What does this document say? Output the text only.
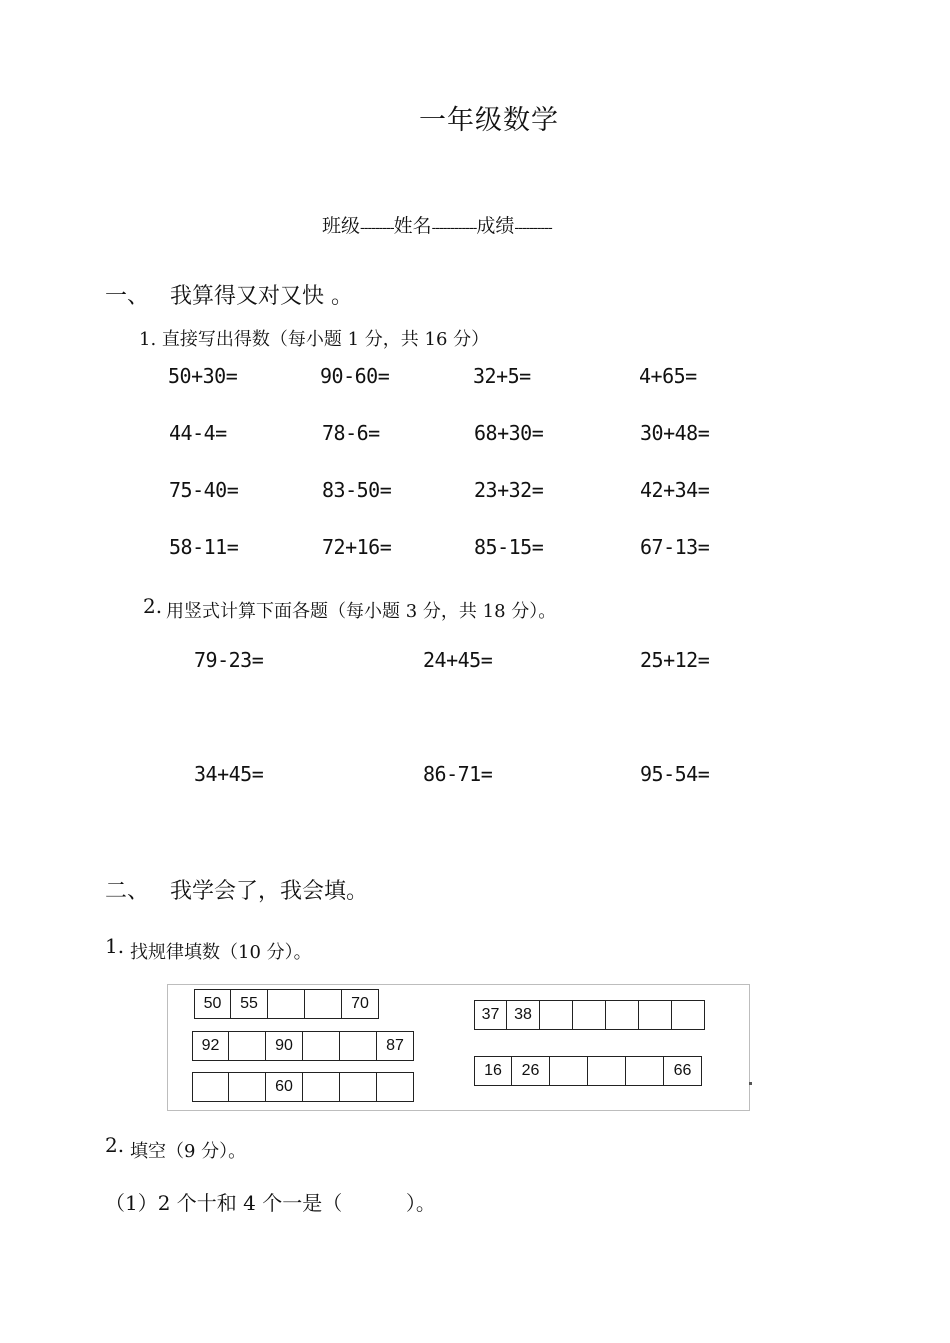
一年级数学
班级---------姓名------------成绩----------
一、 我算得又对又快 。
1. 直接写出得数（每小题 1 分，共 16 分）
50+30=	90-60=	32+5=	4+65=
44-4=	78-6=	68+30=	30+48=
75-40=	83-50=	23+32=	42+34=
58-11=	72+16=	85-15=	67-13=
2. 用竖式计算下面各题（每小题 3 分，共 18 分）。
79-23=	24+45=	25+12=
34+45=	86-71=	95-54=
二、 我学会了，我会填。
1. 找规律填数（10 分）。
50	55	70
92	90	87
60
37 38
16	26	66
2. 填空（9 分）。
（1）2 个十和 4 个一是（          ）。
